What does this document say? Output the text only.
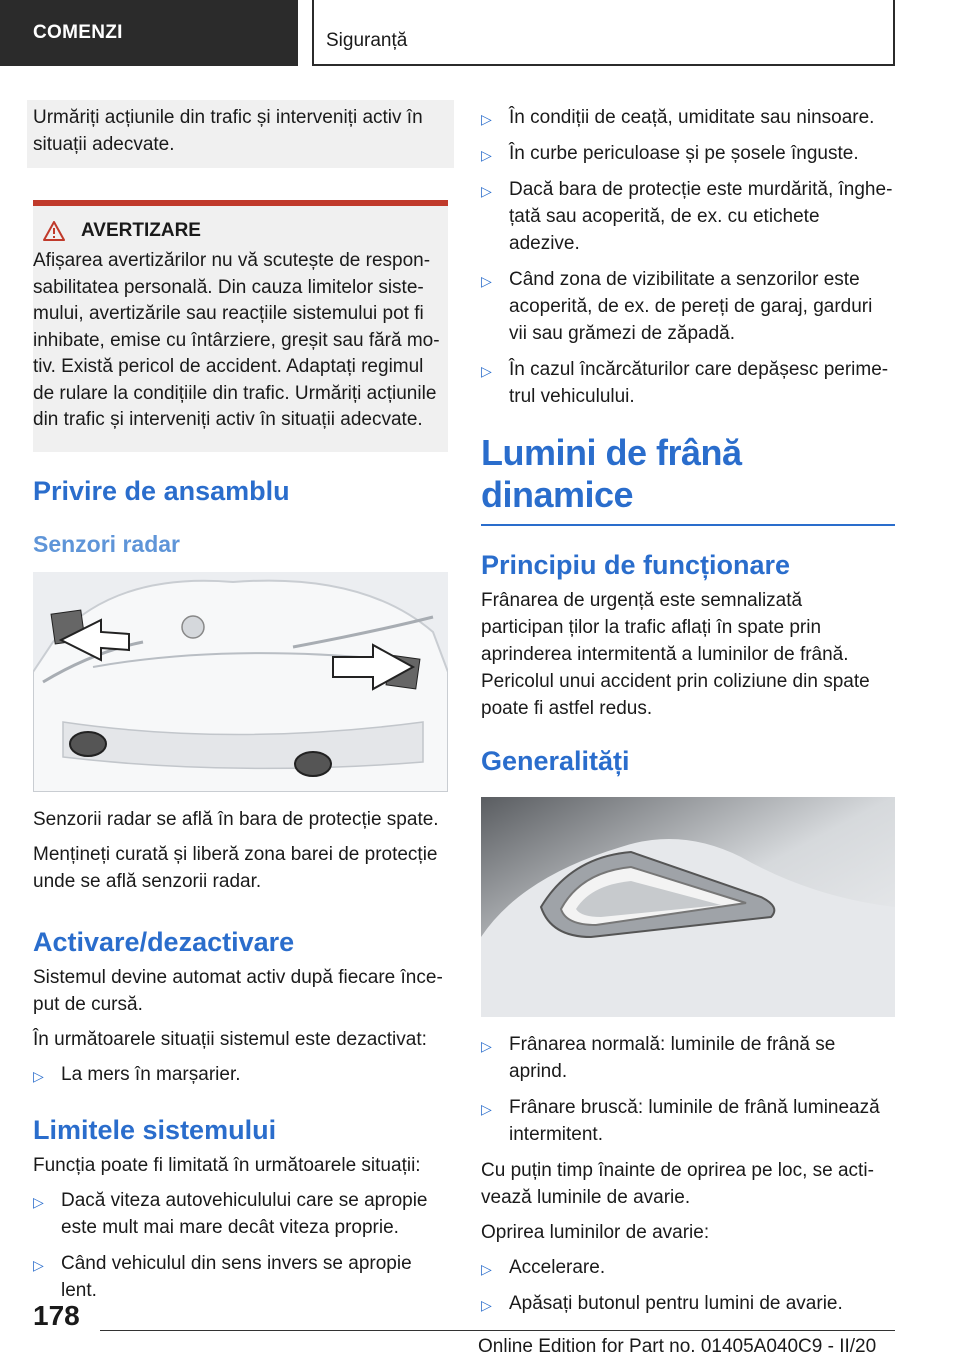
COMENZI	Siguranță
Urmăriți acțiunile din trafic și interveniți activ în situații adecvate.
AVERTIZARE
Afișarea avertizărilor nu vă scutește de responsabilitatea personală. Din cauza limitelor sistemului, avertizările sau reacțiile sistemului pot fi inhibate, emise cu întârziere, greșit sau fără motiv. Există pericol de accident. Adaptați regimul de rulare la condițiile din trafic. Urmăriți acțiunile din trafic și interveniți activ în situații adecvate.
Privire de ansamblu
Senzori radar

Senzorii radar se află în bara de protecție spate.

Mențineți curată și liberă zona barei de protecție unde se află senzorii radar.

Activare/dezactivare

Sistemul devine automat activ după fiecare început de cursă.

În următoarele situații sistemul este dezactivat:

▷ La mers în marșarier.
Limitele sistemului

Funcția poate fi limitată în următoarele situații:

▷ Dacă viteza autovehiculului care se apropie este mult mai mare decât viteza proprie.
▷ Când vehiculul din sens invers se apropie lent.
▷ În condiții de ceață, umiditate sau ninsoare.
▷ În curbe periculoase și pe șosele înguste.
▷ Dacă bara de protecție este murdărită, înghe țată sau acoperită, de ex. cu etichete adezive.
▷ Când zona de vizibilitate a senzorilor este acoperită, de ex. de pereți de garaj, garduri vii sau grămezi de zăpadă.
▷ În cazul încărcăturilor care depășesc perimetrul vehiculului.
Lumini de frână dinamice
Principiu de funcționare

Frânarea de urgență este semnalizată participan ților la trafic aflați în spate prin aprinderea intermitentă a luminilor de frână. Pericolul unui accident prin coliziune din spate poate fi astfel redus.

Generalități
▷ Frânarea normală: luminile de frână se aprind.
▷ Frânare bruscă: luminile de frână luminează intermitent.

Cu puțin timp înainte de oprirea pe loc, se activează luminile de avarie.

Oprirea luminilor de avarie:

▷ Accelerare.
▷ Apăsați butonul pentru lumini de avarie.
178
Online Edition for Part no. 01405A040C9 - II/20
